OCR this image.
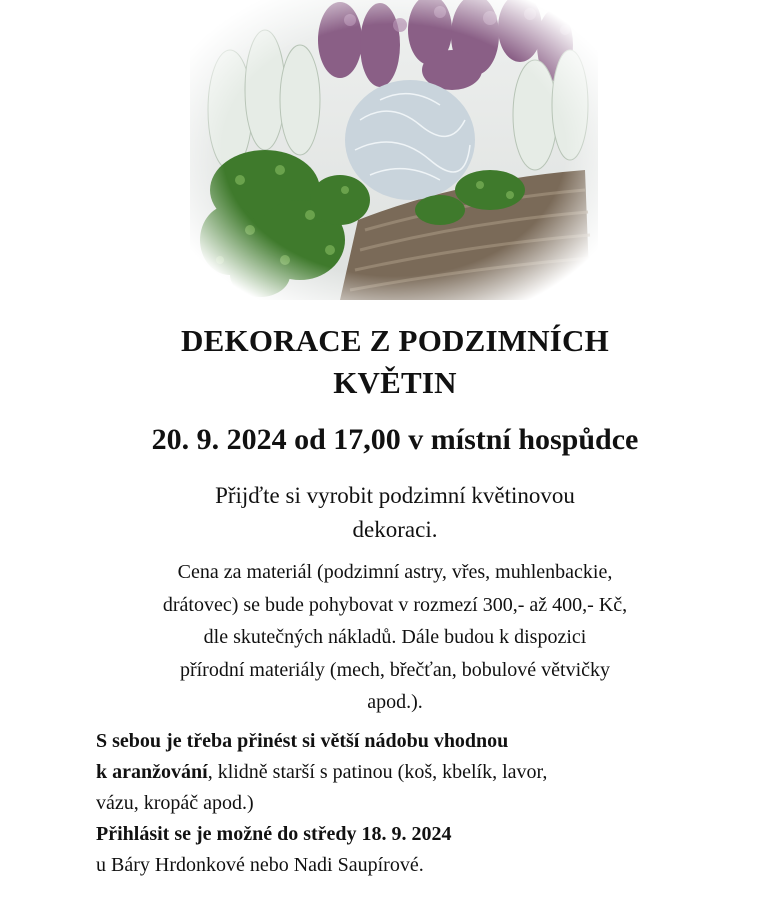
DEKORACE Z PODZIMNÍCH
KVĚTIN
20. 9. 2024 od 17,00 v místní hospůdce
Přijďte si vyrobit podzimní květinovou
dekoraci.
Cena za materiál (podzimní astry, vřes, muhlenbackie,
drátovec) se bude pohybovat v rozmezí 300,- až 400,- Kč,
dle skutečných nákladů. Dále budou k dispozici
přírodní materiály (mech, břečťan, bobulové větvičky
apod.).
S sebou je třeba přinést si větší nádobu vhodnou
k aranžování, klidně starší s patinou (koš, kbelík, lavor,
vázu, kropáč apod.)
Přihlásit se je možné do středy 18. 9. 2024
u Báry Hrdonkové nebo Nadi Saupírové.
